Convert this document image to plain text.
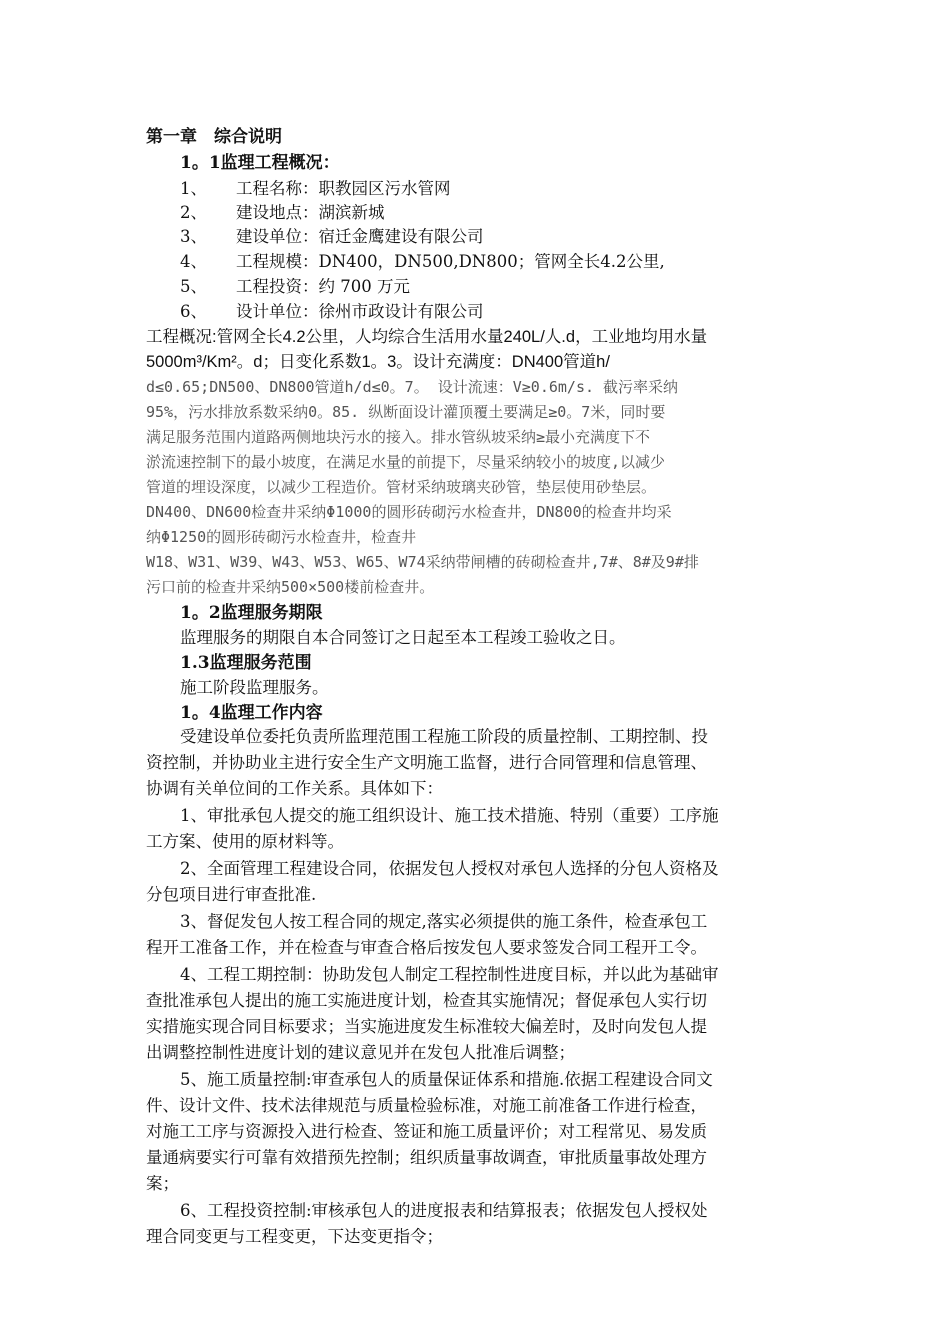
第一章　综合说明
1。1监理工程概况：
1、 工程名称：职教园区污水管网
2、 建设地点：湖滨新城
3、 建设单位：宿迁金鹰建设有限公司
4、 工程规模：DN400，DN500,DN800；管网全长4.2公里,
5、 工程投资：约 700 万元
6、 设计单位：徐州市政设计有限公司
工程概况:管网全长4.2公里，人均综合生活用水量240L/人.d，工业地均用水量
5000m³/Km²。d；日变化系数1。3。设计充满度：DN400管道h/
d≤0.65;DN500、DN800管道h/d≤0。7。 设计流速：V≥0.6m/s. 截污率采纳
95%，污水排放系数采纳0。85. 纵断面设计灌顶覆土要满足≥0。7米，同时要
满足服务范围内道路两侧地块污水的接入。排水管纵坡采纳≥最小充满度下不
淤流速控制下的最小坡度，在满足水量的前提下，尽量采纳较小的坡度,以减少
管道的埋设深度，以减少工程造价。管材采纳玻璃夹砂管，垫层使用砂垫层。
DN400、DN600检查井采纳Φ1000的圆形砖砌污水检查井，DN800的检查井均采
纳Φ1250的圆形砖砌污水检查井，检查井
W18、W31、W39、W43、W53、W65、W74采纳带闸槽的砖砌检查井,7#、8#及9#排
污口前的检查井采纳500×500楼前检查井。
1。2监理服务期限
监理服务的期限自本合同签订之日起至本工程竣工验收之日。
1.3监理服务范围
施工阶段监理服务。
1。4监理工作内容
受建设单位委托负责所监理范围工程施工阶段的质量控制、工期控制、投
资控制，并协助业主进行安全生产文明施工监督，进行合同管理和信息管理、
协调有关单位间的工作关系。具体如下：
1、审批承包人提交的施工组织设计、施工技术措施、特别（重要）工序施
工方案、使用的原材料等。
2、全面管理工程建设合同，依据发包人授权对承包人选择的分包人资格及
分包项目进行审查批准.
3、督促发包人按工程合同的规定,落实必须提供的施工条件，检查承包工
程开工准备工作，并在检查与审查合格后按发包人要求签发合同工程开工令。
4、工程工期控制：协助发包人制定工程控制性进度目标，并以此为基础审
查批准承包人提出的施工实施进度计划，检查其实施情况；督促承包人实行切
实措施实现合同目标要求；当实施进度发生标准较大偏差时，及时向发包人提
出调整控制性进度计划的建议意见并在发包人批准后调整；
5、施工质量控制:审查承包人的质量保证体系和措施.依据工程建设合同文
件、设计文件、技术法律规范与质量检验标准，对施工前准备工作进行检查，
对施工工序与资源投入进行检查、签证和施工质量评价；对工程常见、易发质
量通病要实行可靠有效措预先控制；组织质量事故调查，审批质量事故处理方
案；
6、工程投资控制:审核承包人的进度报表和结算报表；依据发包人授权处
理合同变更与工程变更，下达变更指令；
